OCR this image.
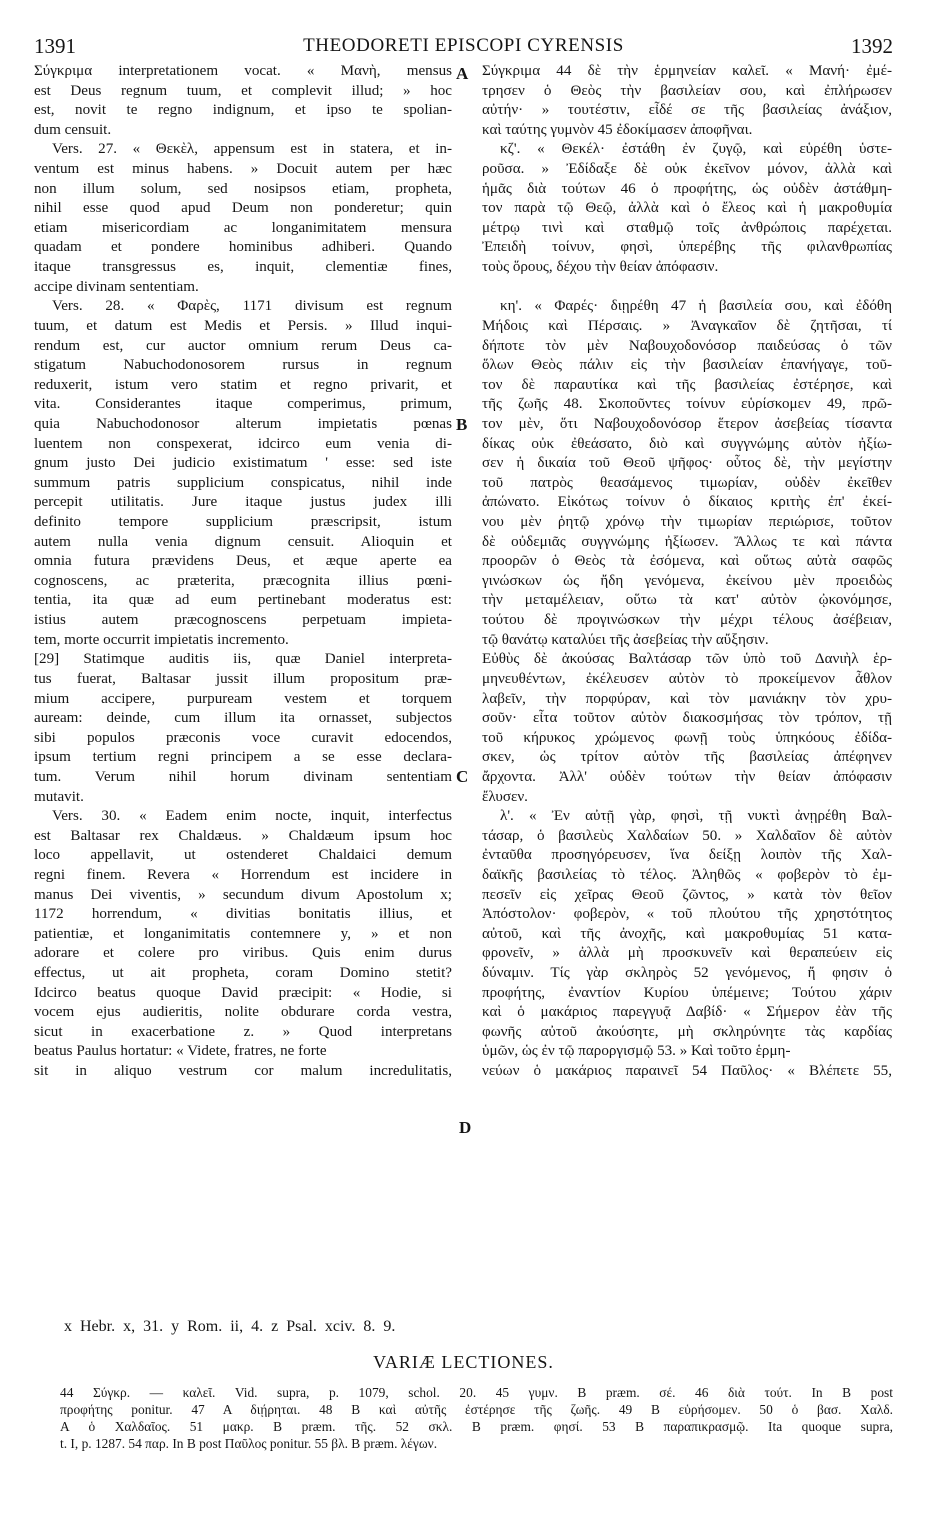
1391	THEODORETI EPISCOPI CYRENSIS	1392
Σύγκριμα interpretationem vocat. « Μανὴ, mensus
est Deus regnum tuum, et complevit illud; » hoc
est, novit te regno indignum, et ipso te spolian-
dum censuit.
Vers. 27. « Θεκὲλ, appensum est in statera, et in-
ventum est minus habens. » Docuit autem per hæc
non illum solum, sed nosipsos etiam, propheta,
nihil esse quod apud Deum non ponderetur; quin
etiam misericordiam ac longanimitatem mensura
quadam et pondere hominibus adhiberi. Quando
itaque transgressus es, inquit, clementiæ fines,
accipe divinam sententiam.
Vers. 28. « Φαρὲς, 1171 divisum est regnum
tuum, et datum est Medis et Persis. » Illud inqui-
rendum est, cur auctor omnium rerum Deus ca-
stigatum Nabuchodonosorem rursus in regnum
reduxerit, istum vero statim et regno privarit, et
vita. Considerantes itaque comperimus, primum,
quia Nabuchodonosor alterum impietatis pœnas
luentem non conspexerat, idcirco eum venia di-
gnum justo Dei judicio existimatum ' esse: sed iste
summum patris supplicium conspicatus, nihil inde
percepit utilitatis. Jure itaque justus judex illi
definito tempore supplicium præscripsit, istum
autem nulla venia dignum censuit. Alioquin et
omnia futura prævidens Deus, et æque aperte ea
cognoscens, ac præterita, præcognita illius pœni-
tentia, ita quæ ad eum pertinebant moderatus est:
istius autem præcognoscens perpetuam impieta-
tem, morte occurrit impietatis incremento.
[29] Statimque auditis iis, quæ Daniel interpreta-
tus fuerat, Baltasar jussit illum propositum præ-
mium accipere, purpuream vestem et torquem
auream: deinde, cum illum ita ornasset, subjectos
sibi populos præconis voce curavit edocendos,
ipsum tertium regni principem a se esse declara-
tum. Verum nihil horum divinam sententiam
mutavit.
Vers. 30. « Eadem enim nocte, inquit, interfectus
est Baltasar rex Chaldæus. » Chaldæum ipsum hoc
loco appellavit, ut ostenderet Chaldaici demum
regni finem. Revera « Horrendum est incidere in
manus Dei viventis, » secundum divum Apostolum x;
1172 horrendum, « divitias bonitatis illius, et
patientiæ, et longanimitatis contemnere y, » et non
adorare et colere pro viribus. Quis enim durus
effectus, ut ait propheta, coram Domino stetit?
Idcirco beatus quoque David præcipit: « Hodie, si
vocem ejus audieritis, nolite obdurare corda vestra,
sicut in exacerbatione z. » Quod interpretans
beatus Paulus hortatur: « Videte, fratres, ne forte
sit in aliquo vestrum cor malum incredulitatis,
Σύγκριμα 44 δὲ τὴν ἑρμηνείαν καλεῖ. « Μανή· ἐμέ-
τρησεν ὁ Θεὸς τὴν βασιλείαν σου, καὶ ἐπλήρωσεν
αὐτήν· » τουτέστιν, εἶδέ σε τῆς βασιλείας ἀνάξιον,
καὶ ταύτης γυμνὸν 45 ἐδοκίμασεν ἀποφῆναι.
κζ'. « Θεκέλ· ἐστάθη ἐν ζυγῷ, καὶ εὑρέθη ὑστε-
ροῦσα. » Ἐδίδαξε δὲ οὐκ ἐκεῖνον μόνον, ἀλλὰ καὶ
ἡμᾶς διὰ τούτων 46 ὁ προφήτης, ὡς οὐδὲν ἀστάθμη-
τον παρὰ τῷ Θεῷ, ἀλλὰ καὶ ὁ ἔλεος καὶ ἡ μακροθυμία
μέτρῳ τινὶ καὶ σταθμῷ τοῖς ἀνθρώποις παρέχεται.
Ἐπειδὴ τοίνυν, φησὶ, ὑπερέβης τῆς φιλανθρωπίας
τοὺς ὅρους, δέχου τὴν θείαν ἀπόφασιν.
κη'. « Φαρές· διῃρέθη 47 ἡ βασιλεία σου, καὶ ἐδόθη
Μήδοις καὶ Πέρσαις. » Ἀναγκαῖον δὲ ζητῆσαι, τί
δήποτε τὸν μὲν Ναβουχοδονόσορ παιδεύσας ὁ τῶν
ὅλων Θεὸς πάλιν εἰς τὴν βασιλείαν ἐπανήγαγε, τοῦ-
τον δὲ παραυτίκα καὶ τῆς βασιλείας ἐστέρησε, καὶ
τῆς ζωῆς 48. Σκοποῦντες τοίνυν εὑρίσκομεν 49, πρῶ-
τον μὲν, ὅτι Ναβουχοδονόσορ ἕτερον ἀσεβείας τίσαντα
δίκας οὐκ ἐθεάσατο, διὸ καὶ συγγνώμης αὐτὸν ἠξίω-
σεν ἡ δικαία τοῦ Θεοῦ ψῆφος· οὗτος δὲ, τὴν μεγίστην
τοῦ πατρὸς θεασάμενος τιμωρίαν, οὐδὲν ἐκεῖθεν
ἀπώνατο. Εἰκότως τοίνυν ὁ δίκαιος κριτὴς ἐπ' ἐκεί-
νου μὲν ῥητῷ χρόνῳ τὴν τιμωρίαν περιώρισε, τοῦτον
δὲ οὐδεμιᾶς συγγνώμης ἠξίωσεν. Ἄλλως τε καὶ πάντα
προορῶν ὁ Θεὸς τὰ ἐσόμενα, καὶ οὕτως αὐτὰ σαφῶς
γινώσκων ὡς ἤδη γενόμενα, ἐκείνου μὲν προειδὼς
τὴν μεταμέλειαν, οὕτω τὰ κατ' αὐτὸν ᾠκονόμησε,
τούτου δὲ προγινώσκων τὴν μέχρι τέλους ἀσέβειαν,
τῷ θανάτῳ καταλύει τῆς ἀσεβείας τὴν αὔξησιν.
Εὐθὺς δὲ ἀκούσας Βαλτάσαρ τῶν ὑπὸ τοῦ Δανιὴλ ἑρ-
μηνευθέντων, ἐκέλευσεν αὐτὸν τὸ προκείμενον ἆθλον
λαβεῖν, τὴν πορφύραν, καὶ τὸν μανιάκην τὸν χρυ-
σοῦν· εἶτα τοῦτον αὐτὸν διακοσμήσας τὸν τρόπον, τῇ
τοῦ κήρυκος χρώμενος φωνῇ τοὺς ὑπηκόους ἐδίδα-
σκεν, ὡς τρίτον αὐτὸν τῆς βασιλείας ἀπέφηνεν
ἄρχοντα. Ἀλλ' οὐδὲν τούτων τὴν θείαν ἀπόφασιν
ἔλυσεν.
λ'. « Ἐν αὐτῇ γὰρ, φησὶ, τῇ νυκτὶ ἀνῃρέθη Βαλ-
τάσαρ, ὁ βασιλεὺς Χαλδαίων 50. » Χαλδαῖον δὲ αὐτὸν
ἐνταῦθα προσηγόρευσεν, ἵνα δείξῃ λοιπὸν τῆς Χαλ-
δαϊκῆς βασιλείας τὸ τέλος. Ἀληθῶς « φοβερὸν τὸ ἐμ-
πεσεῖν εἰς χεῖρας Θεοῦ ζῶντος, » κατὰ τὸν θεῖον
Ἀπόστολον· φοβερὸν, « τοῦ πλούτου τῆς χρηστότητος
αὐτοῦ, καὶ τῆς ἀνοχῆς, καὶ μακροθυμίας 51 κατα-
φρονεῖν, » ἀλλὰ μὴ προσκυνεῖν καὶ θεραπεύειν εἰς
δύναμιν. Τίς γὰρ σκληρὸς 52 γενόμενος, ἤ φησιν ὁ
προφήτης, ἐναντίον Κυρίου ὑπέμεινε; Τούτου χάριν
καὶ ὁ μακάριος παρεγγυᾷ Δαβίδ· « Σήμερον ἐὰν τῆς
φωνῆς αὐτοῦ ἀκούσητε, μὴ σκληρύνητε τὰς καρδίας
ὑμῶν, ὡς ἐν τῷ παροργισμῷ 53. » Καὶ τοῦτο ἑρμη-
νεύων ὁ μακάριος παραινεῖ 54 Παῦλος· « Βλέπετε 55,
A
B
C
D
x Hebr. x, 31. y Rom. ii, 4. z Psal. xciv. 8. 9.
VARIÆ LECTIONES.
44 Σύγκρ. — καλεῖ. Vid. supra, p. 1079, schol. 20. 45 γυμν. B præm. σέ. 46 διὰ τούτ. In B post
προφήτης ponitur. 47 A διῄρηται. 48 B καὶ αὐτῆς ἐστέρησε τῆς ζωῆς. 49 B εὑρήσομεν. 50 ὁ βασ. Χαλδ.
A ὁ Χαλδαῖος. 51 μακρ. B præm. τῆς. 52 σκλ. B præm. φησί. 53 B παραπικρασμῷ. Ita quoque supra,
t. I, p. 1287. 54 παρ. In B post Παῦλος ponitur. 55 βλ. B præm. λέγων.
